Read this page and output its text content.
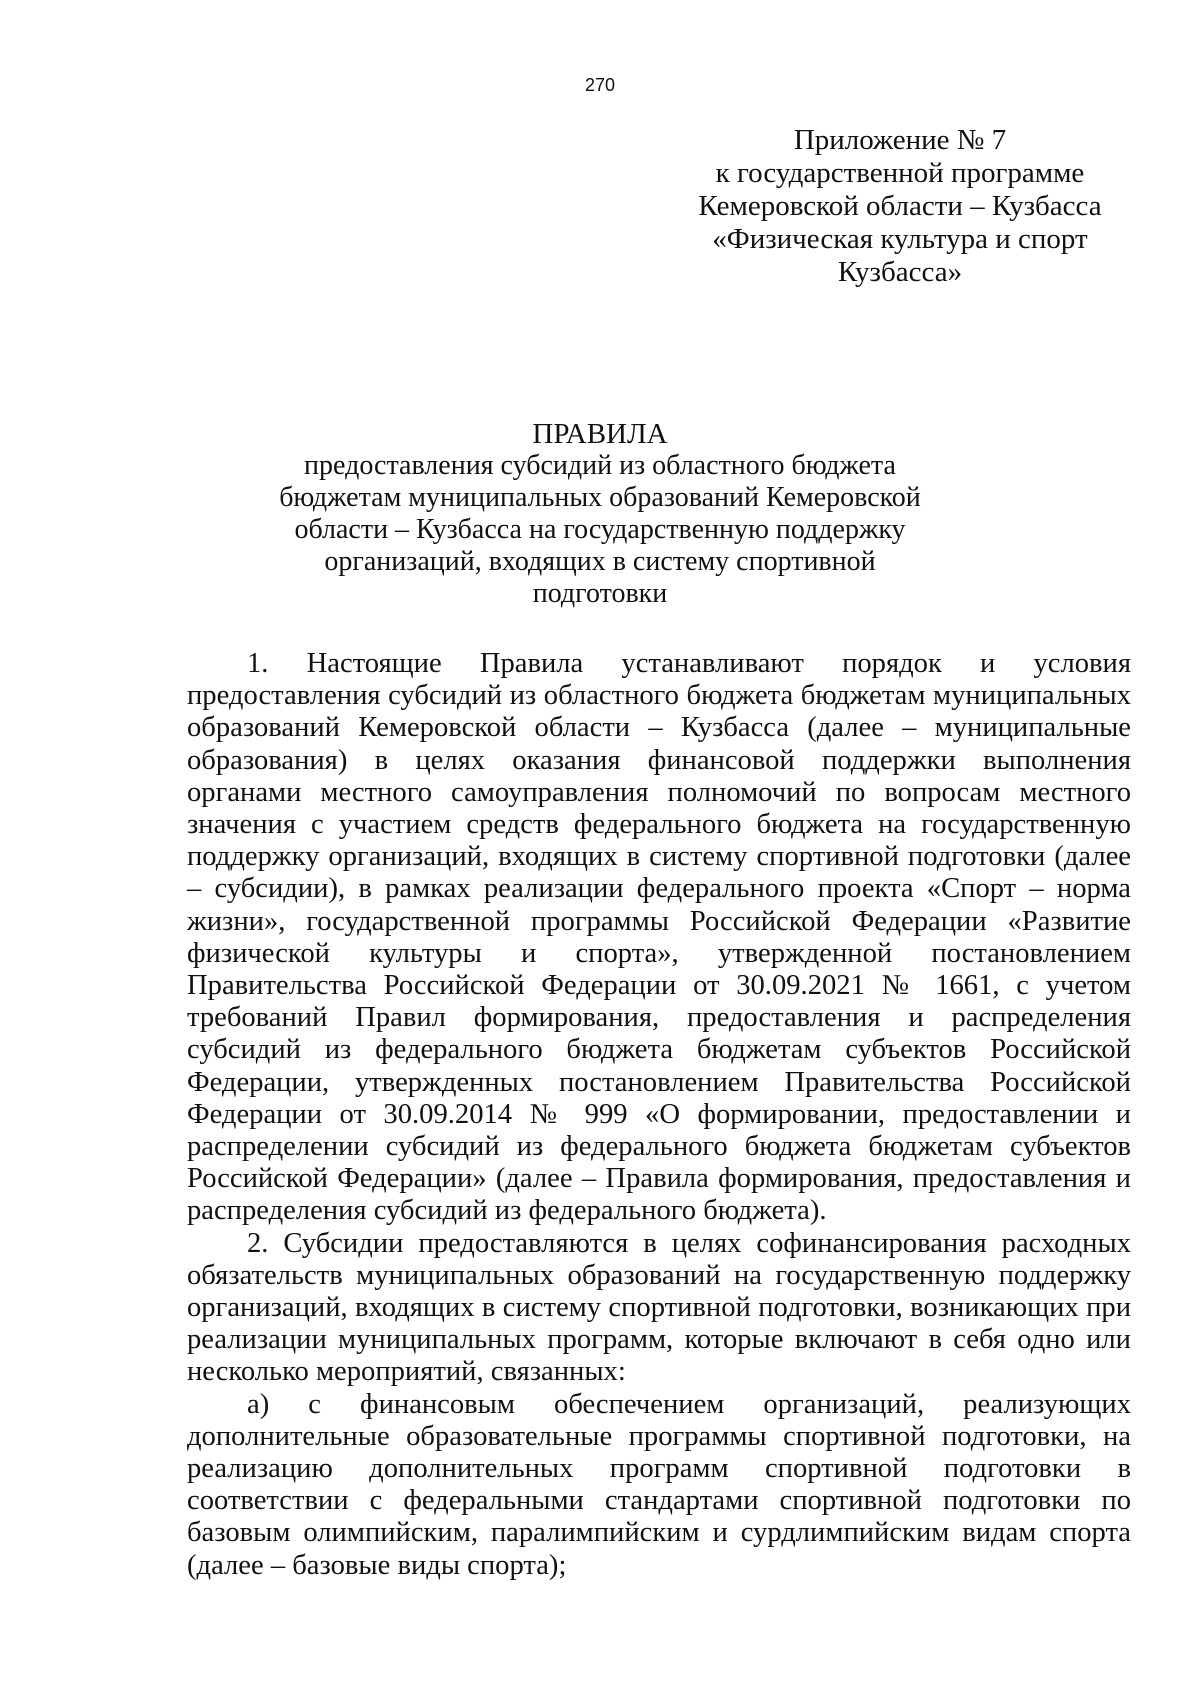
270
Приложение № 7
к государственной программе
Кемеровской области – Кузбасса
«Физическая культура и спорт
Кузбасса»
ПРАВИЛА
предоставления субсидий из областного бюджета
бюджетам муниципальных образований Кемеровской
области – Кузбасса на государственную поддержку
организаций, входящих в систему спортивной
подготовки

1. Настоящие Правила устанавливают порядок и условия предоставления субсидий из областного бюджета бюджетам муниципальных образований Кемеровской области – Кузбасса (далее – муниципальные образования) в целях оказания финансовой поддержки выполнения органами местного самоуправления полномочий по вопросам местного значения с участием средств федерального бюджета на государственную поддержку организаций, входящих в систему спортивной подготовки (далее – субсидии), в рамках реализации федерального проекта «Спорт – норма жизни», государственной программы Российской Федерации «Развитие физической культуры и спорта», утвержденной постановлением Правительства Российской Федерации от 30.09.2021 № 1661, с учетом требований Правил формирования, предоставления и распределения субсидий из федерального бюджета бюджетам субъектов Российской Федерации, утвержденных постановлением Правительства Российской Федерации от 30.09.2014 № 999 «О формировании, предоставлении и распределении субсидий из федерального бюджета бюджетам субъектов Российской Федерации» (далее – Правила формирования, предоставления и распределения субсидий из федерального бюджета).

2. Субсидии предоставляются в целях софинансирования расходных обязательств муниципальных образований на государственную поддержку организаций, входящих в систему спортивной подготовки, возникающих при реализации муниципальных программ, которые включают в себя одно или несколько мероприятий, связанных:

а) с финансовым обеспечением организаций, реализующих дополнительные образовательные программы спортивной подготовки, на реализацию дополнительных программ спортивной подготовки в соответствии с федеральными стандартами спортивной подготовки по базовым олимпийским, паралимпийским и сурдлимпийским видам спорта (далее – базовые виды спорта);
